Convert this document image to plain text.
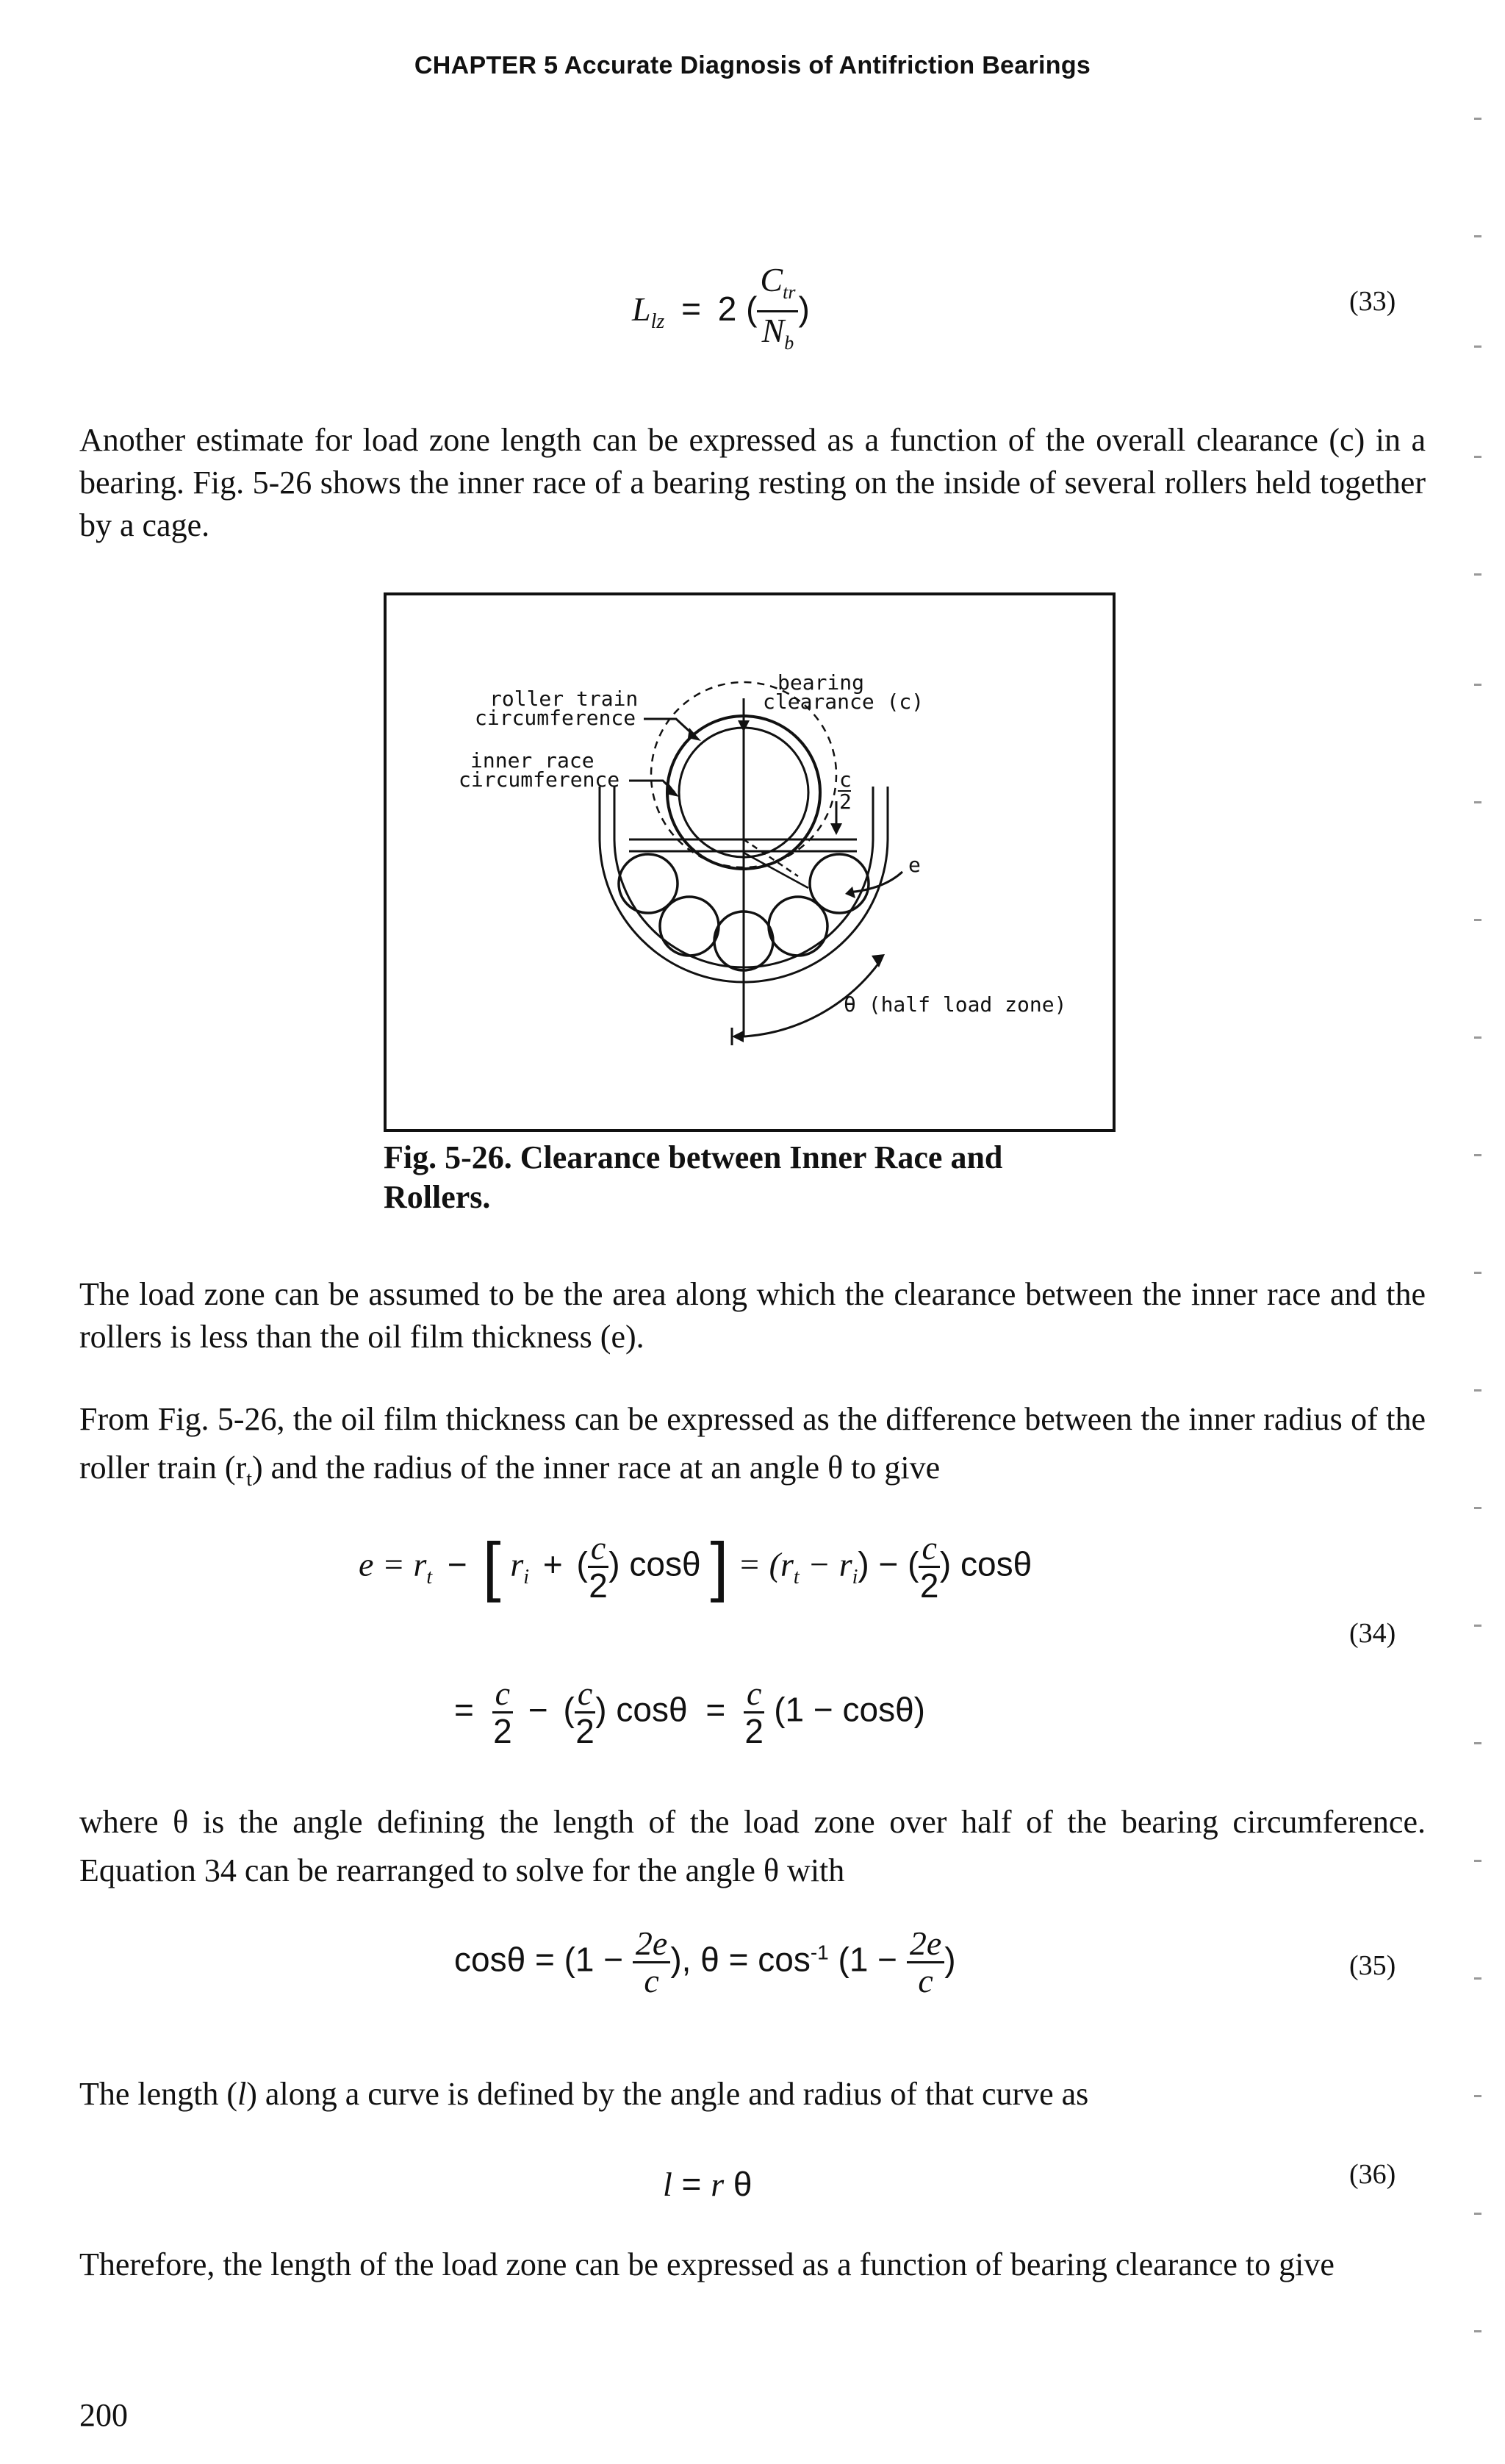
CHAPTER 5 Accurate Diagnosis of Antifriction Bearings
$L_{lz} = 2$ ( $\frac{C_{tr}}{N_b}$ )	(33)
Another estimate for load zone length can be expressed as a function of the overall clearance (c) in a bearing. Fig. 5-26 shows the inner race of a bearing resting on the inside of several rollers held together by a cage.
roller train
circumference
inner race
circumference
bearing
clearance (c)
c
2
e
θ (half load zone)
Fig. 5-26. Clearance between Inner Race and
Rollers.
The load zone can be assumed to be the area along which the clearance between the inner race and the rollers is less than the oil film thickness (e).
From Fig. 5-26, the oil film thickness can be expressed as the difference between the inner radius of the roller train $(r_t)$ and the radius of the inner race at an angle θ to give
$e = r_t$ − [ $r_i$ + ( $\frac{c}{2}$ ) cosθ ] = $(r_t - r_i)$ − ( $\frac{c}{2}$ ) cosθ
(34)
= $\frac{c}{2}$ − ( $\frac{c}{2}$ ) $\cos\theta = \frac{c}{2} (1 - \cos\theta)$
where θ is the angle defining the length of the load zone over half of the bearing circumference. Equation 34 can be rearranged to solve for the angle θ with
$\cos\theta = (1 - \frac{2e}{c}$ ), $\theta = \cos^{-1} (1 - \frac{2e}{c}$ )	(35)
The length (l) along a curve is defined by the angle and radius of that curve as
l = r θ	(36)
Therefore, the length of the load zone can be expressed as a function of bearing clearance to give
200
